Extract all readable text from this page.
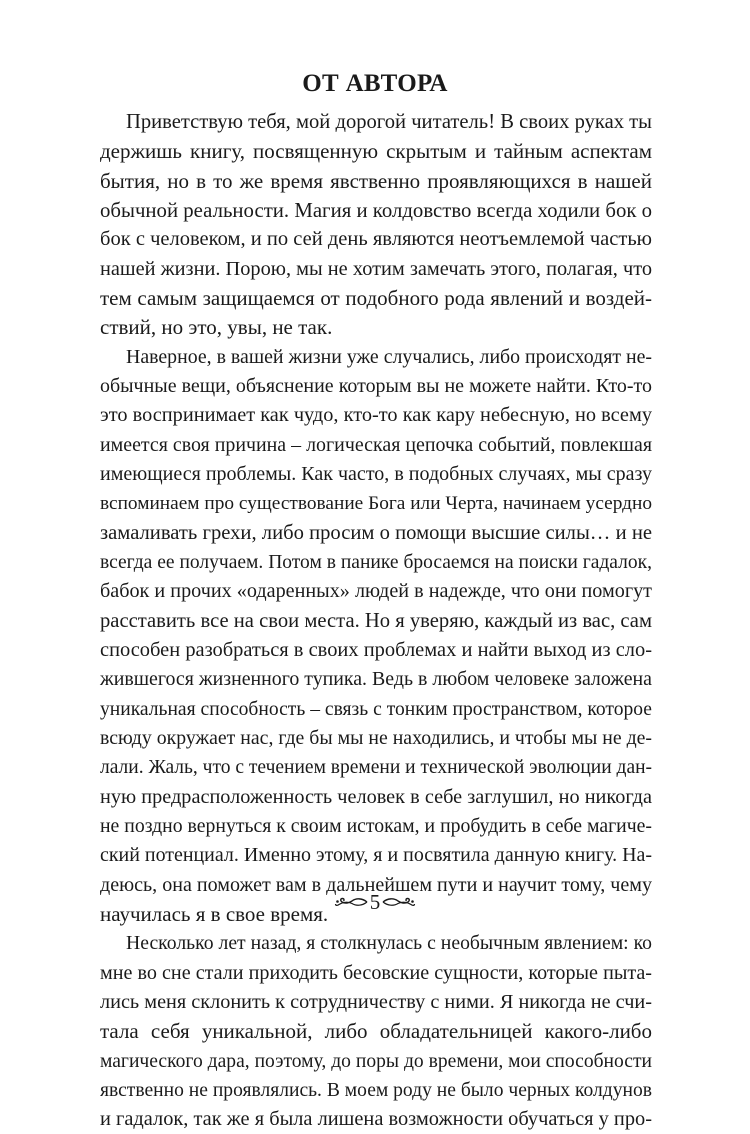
ОТ АВТОРА
Приветствую тебя, мой дорогой читатель! В своих руках ты
держишь книгу, посвященную скрытым и тайным аспектам
бытия, но в то же время явственно проявляющихся в нашей
обычной реальности. Магия и колдовство всегда ходили бок о
бок с человеком, и по сей день являются неотъемлемой частью
нашей жизни. Порою, мы не хотим замечать этого, полагая, что
тем самым защищаемся от подобного рода явлений и воздей-
ствий, но это, увы, не так.
Наверное, в вашей жизни уже случались, либо происходят не-
обычные вещи, объяснение которым вы не можете найти. Кто-то
это воспринимает как чудо, кто-то как кару небесную, но всему
имеется своя причина – логическая цепочка событий, повлекшая
имеющиеся проблемы. Как часто, в подобных случаях, мы сразу
вспоминаем про существование Бога или Черта, начинаем усердно
замаливать грехи, либо просим о помощи высшие силы… и не
всегда ее получаем. Потом в панике бросаемся на поиски гадалок,
бабок и прочих «одаренных» людей в надежде, что они помогут
расставить все на свои места. Но я уверяю, каждый из вас, сам
способен разобраться в своих проблемах и найти выход из сло-
жившегося жизненного тупика. Ведь в любом человеке заложена
уникальная способность – связь с тонким пространством, которое
всюду окружает нас, где бы мы не находились, и чтобы мы не де-
лали. Жаль, что с течением времени и технической эволюции дан-
ную предрасположенность человек в себе заглушил, но никогда
не поздно вернуться к своим истокам, и пробудить в себе магиче-
ский потенциал. Именно этому, я и посвятила данную книгу. На-
деюсь, она поможет вам в дальнейшем пути и научит тому, чему
научилась я в свое время.
Несколько лет назад, я столкнулась с необычным явлением: ко
мне во сне стали приходить бесовские сущности, которые пыта-
лись меня склонить к сотрудничеству с ними. Я никогда не счи-
тала себя уникальной, либо обладательницей какого-либо
магического дара, поэтому, до поры до времени, мои способности
явственно не проявлялись. В моем роду не было черных колдунов
и гадалок, так же я была лишена возможности обучаться у про-
5
